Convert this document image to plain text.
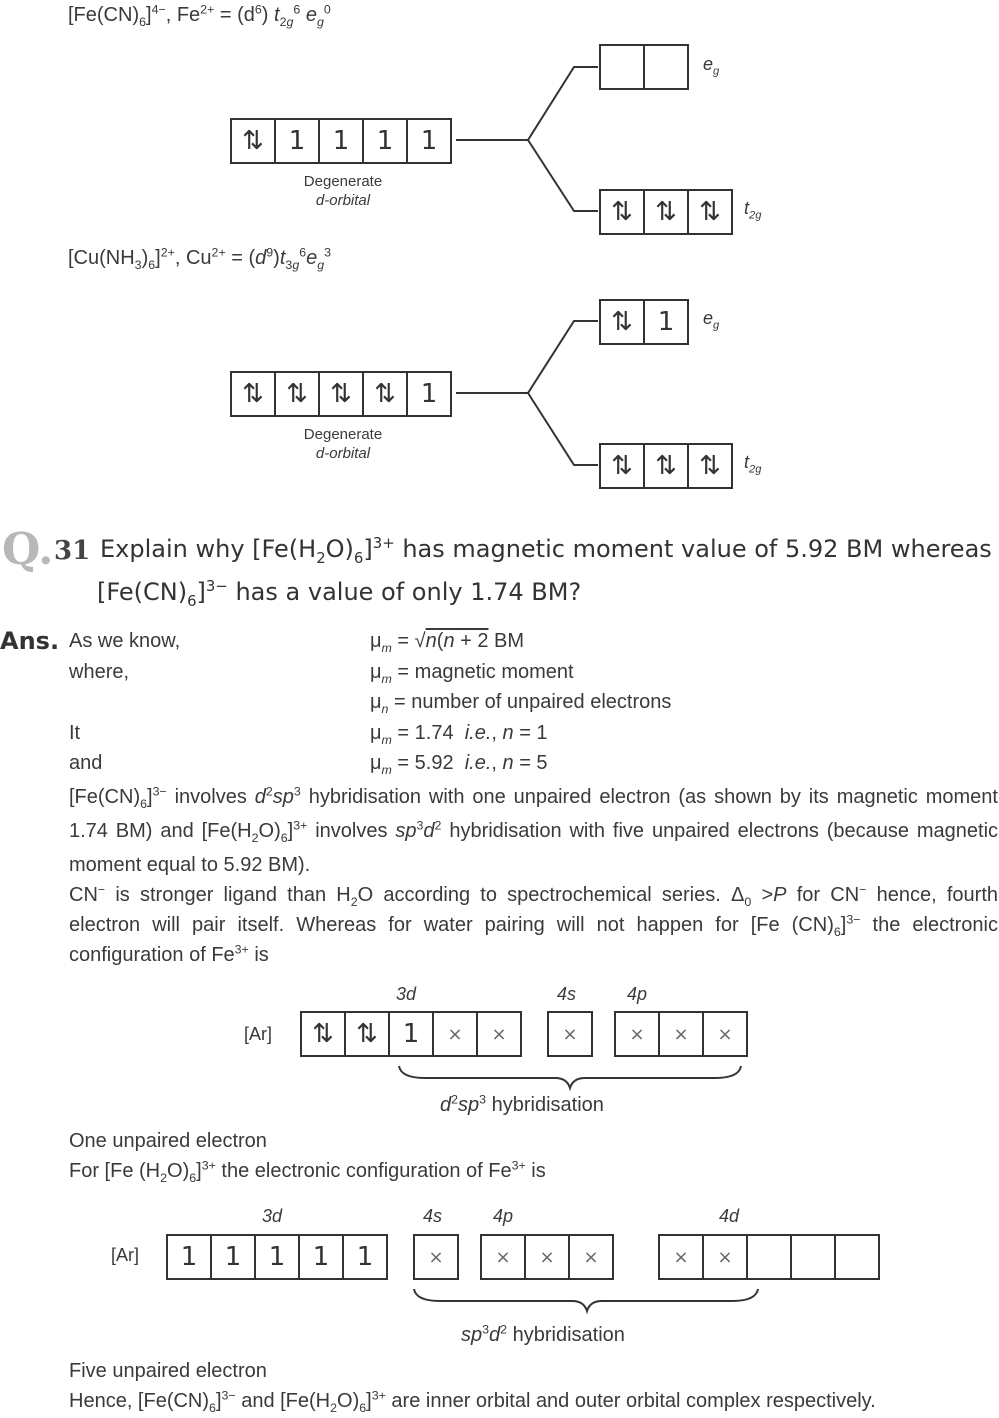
$[Fe(CN)_6]^{4-}$, $Fe^{2+} = (d^6)$ $t_{2g}^6$ $e_g^0$
⇅ 1	1	1	1
Degenerate
d-orbital
$e_g$
⇅ ⇅ ⇅	$t_{2g}$
$[Cu(NH_3)_6]^{2+}$, $Cu^{2+} = (d^9)t_{3g}^6e_g^3$
⇅ ⇅ ⇅ ⇅ 1
Degenerate
d-orbital
⇅ 1	$e_g$
⇅ ⇅ ⇅	$t_{2g}$
Q. 31 Explain why $[Fe(H_2O)_6]^{3+}$ has magnetic moment value of 5.92 BM whereas
$[Fe(CN)_6]^{3-}$ has a value of only 1.74 BM?
Ans. As we know,	$\mu_m = √n(n + 2$ BM
where,	$\mu_m$ = magnetic moment
$\mu_n$ = number of unpaired electrons
It	$\mu_m = 1.74$  i.e., n = 1
and	$\mu_m = 5.92$  i.e., n = 5
$[Fe(CN)_6]^{3-}$ involves $d^2sp^3$ hybridisation with one unpaired electron (as shown by its magnetic moment 1.74 BM) and $[Fe(H_2O)_6]^{3+}$ involves $sp^3d^2$ hybridisation with five unpaired electrons (because magnetic moment equal to 5.92 BM).
CN− is stronger ligand than $H_2O$ according to spectrochemical series. $\Delta_0 >P$ for CN− hence, fourth electron will pair itself. Whereas for water pairing will not happen for [Fe $(CN)_6]^{3-}$ the electronic configuration of $Fe^{3+}$ is
3d	4s	4p
[Ar]	⇅ ⇅ 1	×	×	×	×	×	×
$d^2sp^3$ hybridisation
One unpaired electron
For [Fe $(H_2O)_6]^{3+}$ the electronic configuration of $Fe^{3+}$ is
3d	4s	4p	4d
[Ar]	1	1	1	1	1	×	×	×	×	×	×
$sp^3d^2$ hybridisation
Five unpaired electron
Hence, $[Fe(CN)_6]^{3-}$ and $[Fe(H_2O)_6]^{3+}$ are inner orbital and outer orbital complex respectively.
